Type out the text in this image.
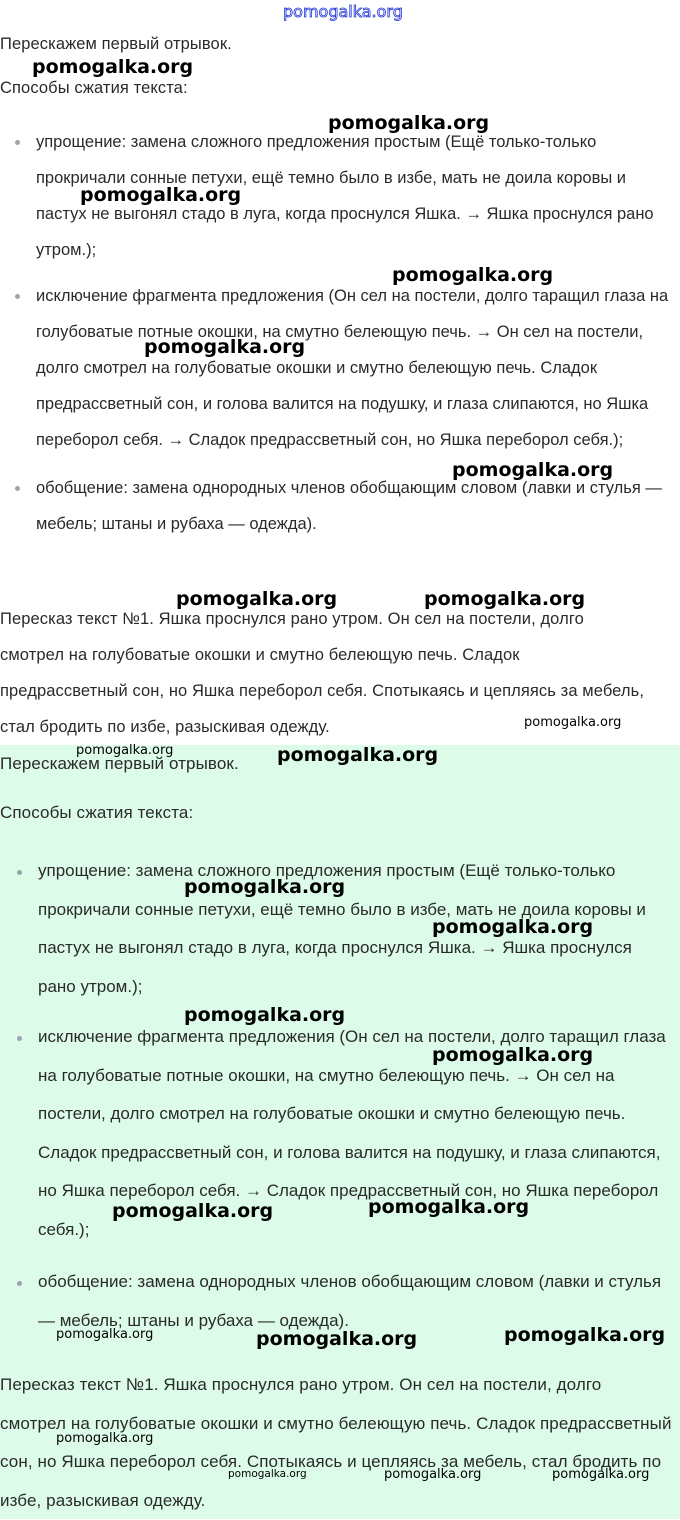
Перескажем первый отрывок.

Способы сжатия текста:

упрощение: замена сложного предложения простым (Ещё только-только прокричали сонные петухи, ещё темно было в избе, мать не доила коровы и пастух не выгонял стадо в луга, когда проснулся Яшка. → Яшка проснулся рано утром.);
исключение фрагмента предложения (Он сел на постели, долго таращил глаза на голубоватые потные окошки, на смутно белеющую печь. → Он сел на постели, долго смотрел на голубоватые окошки и смутно белеющую печь. Сладок предрассветный сон, и голова валится на подушку, и глаза слипаются, но Яшка переборол себя. → Сладок предрассветный сон, но Яшка переборол себя.);
обобщение: замена однородных членов обобщающим словом (лавки и стулья — мебель; штаны и рубаха — одежда).

Пересказ текст №1. Яшка проснулся рано утром. Он сел на постели, долго смотрел на голубоватые окошки и смутно белеющую печь. Сладок предрассветный сон, но Яшка переборол себя. Спотыкаясь и цепляясь за мебель, стал бродить по избе, разыскивая одежду.

Перескажем первый отрывок.

Способы сжатия текста:

упрощение: замена сложного предложения простым (Ещё только-только прокричали сонные петухи, ещё темно было в избе, мать не доила коровы и пастух не выгонял стадо в луга, когда проснулся Яшка. → Яшка проснулся рано утром.);
исключение фрагмента предложения (Он сел на постели, долго таращил глаза на голубоватые потные окошки, на смутно белеющую печь. → Он сел на постели, долго смотрел на голубоватые окошки и смутно белеющую печь. Сладок предрассветный сон, и голова валится на подушку, и глаза слипаются, но Яшка переборол себя. → Сладок предрассветный сон, но Яшка переборол себя.);
обобщение: замена однородных членов обобщающим словом (лавки и стулья — мебель; штаны и рубаха — одежда).

Пересказ текст №1. Яшка проснулся рано утром. Он сел на постели, долго смотрел на голубоватые окошки и смутно белеющую печь. Сладок предрассветный сон, но Яшка переборол себя. Спотыкаясь и цепляясь за мебель, стал бродить по избе, разыскивая одежду.

pomogalka.org
pomogalka.org
pomogalka.org
pomogalka.org
pomogalka.org
pomogalka.org
pomogalka.org
pomogalka.org	pomogalka.org
pomogalka.org
pomogalka.org	pomogalka.org
pomogalka.org
pomogalka.org
pomogalka.org
pomogalka.org
pomogalka.org	pomogalka.org
pomogalka.org	pomogalka.org	pomogalka.org
pomogalka.org
pomogalka.org	pomogalka.org	pomogalka.org
